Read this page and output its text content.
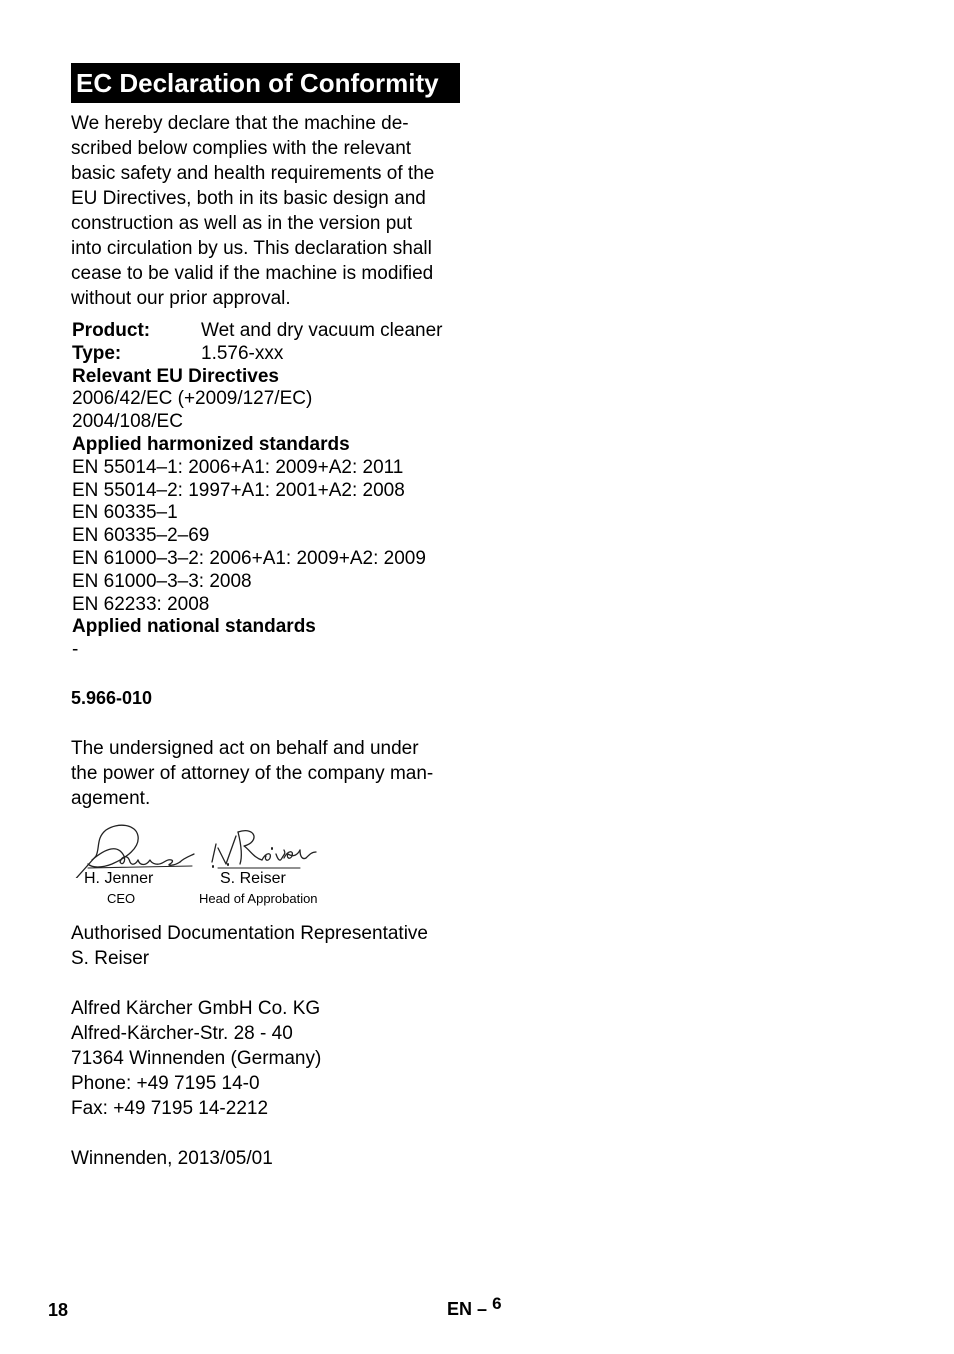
EC Declaration of Conformity
We hereby declare that the machine de-
scribed below complies with the relevant
basic safety and health requirements of the
EU Directives, both in its basic design and
construction as well as in the version put
into circulation by us. This declaration shall
cease to be valid if the machine is modified
without our prior approval.
Product:	Wet and dry vacuum cleaner
Type:	1.576-xxx
Relevant EU Directives
2006/42/EC (+2009/127/EC)
2004/108/EC
Applied harmonized standards
EN 55014–1: 2006+A1: 2009+A2: 2011
EN 55014–2: 1997+A1: 2001+A2: 2008
EN 60335–1
EN 60335–2–69
EN 61000–3–2: 2006+A1: 2009+A2: 2009
EN 61000–3–3: 2008
EN 62233: 2008
Applied national standards
-
5.966-010
The undersigned act on behalf and under
the power of attorney of the company man-
agement.
H. Jenner
CEO
S. Reiser
Head of Approbation
Authorised Documentation Representative
S. Reiser
Alfred Kärcher GmbH Co. KG
Alfred-Kärcher-Str. 28 - 40
71364 Winnenden (Germany)
Phone: +49 7195 14-0
Fax: +49 7195 14-2212
Winnenden, 2013/05/01
18	EN – 6
